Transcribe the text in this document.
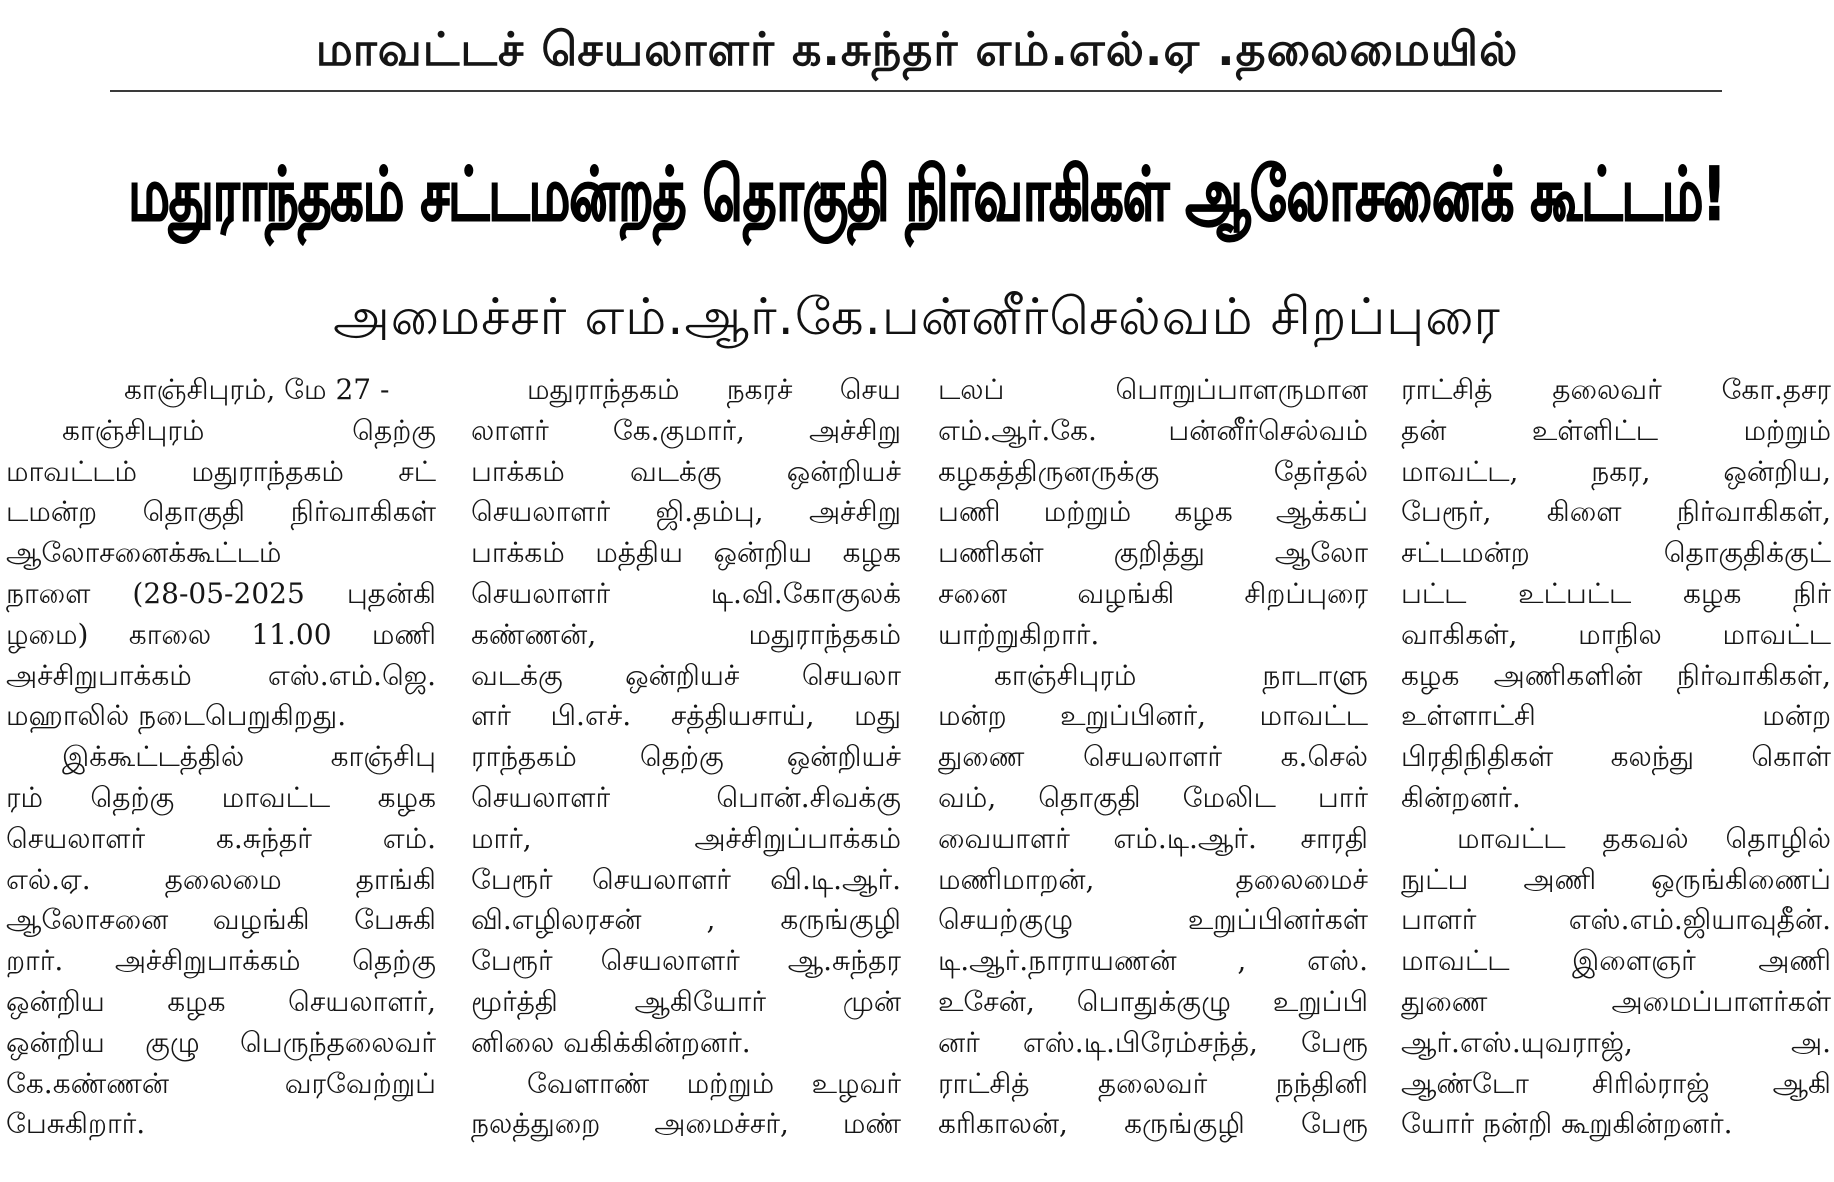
மாவட்டச் செயலாளர் க.சுந்தர் எம்.எல்.ஏ .தலைமையில்
மதுராந்தகம் சட்டமன்றத் தொகுதி நிர்வாகிகள் ஆலோசனைக் கூட்டம்!
அமைச்சர் எம்.ஆர்.கே.பன்னீர்செல்வம் சிறப்புரை
காஞ்சிபுரம், மே 27 -
காஞ்சிபுரம் தெற்கு
மாவட்டம் மதுராந்தகம் சட்
டமன்ற தொகுதி நிர்வாகிகள்
ஆலோசனைக்கூட்டம்
நாளை (28-05-2025 புதன்கி
ழமை) காலை 11.00 மணி
அச்சிறுபாக்கம் எஸ்.எம்.ஜெ.
மஹாலில் நடைபெறுகிறது.
இக்கூட்டத்தில் காஞ்சிபு
ரம் தெற்கு மாவட்ட கழக
செயலாளர் க.சுந்தர் எம்.
எல்.ஏ. தலைமை தாங்கி
ஆலோசனை வழங்கி பேசுகி
றார். அச்சிறுபாக்கம் தெற்கு
ஒன்றிய கழக செயலாளர்,
ஒன்றிய குழு பெருந்தலைவர்
கே.கண்ணன் வரவேற்றுப்
பேசுகிறார்.
மதுராந்தகம் நகரச் செய
லாளர் கே.குமார், அச்சிறு
பாக்கம் வடக்கு ஒன்றியச்
செயலாளர் ஜி.தம்பு, அச்சிறு
பாக்கம் மத்திய ஒன்றிய கழக
செயலாளர் டி.வி.கோகுலக்
கண்ணன், மதுராந்தகம்
வடக்கு ஒன்றியச் செயலா
ளர் பி.எச். சத்தியசாய், மது
ராந்தகம் தெற்கு ஒன்றியச்
செயலாளர் பொன்.சிவக்கு
மார், அச்சிறுப்பாக்கம்
பேரூர் செயலாளர் வி.டி.ஆர்.
வி.எழிலரசன் , கருங்குழி
பேரூர் செயலாளர் ஆ.சுந்தர
மூர்த்தி ஆகியோர் முன்
னிலை வகிக்கின்றனர்.
வேளாண் மற்றும் உழவர்
நலத்துறை அமைச்சர், மண்
டலப் பொறுப்பாளருமான
எம்.ஆர்.கே. பன்னீர்செல்வம்
கழகத்திருனருக்கு தேர்தல்
பணி மற்றும் கழக ஆக்கப்
பணிகள் குறித்து ஆலோ
சனை வழங்கி சிறப்புரை
யாற்றுகிறார்.
காஞ்சிபுரம் நாடாளு
மன்ற உறுப்பினர், மாவட்ட
துணை செயலாளர் க.செல்
வம், தொகுதி மேலிட பார்
வையாளர் எம்.டி.ஆர். சாரதி
மணிமாறன், தலைமைச்
செயற்குழு உறுப்பினர்கள்
டி.ஆர்.நாராயணன் , எஸ்.
உசேன், பொதுக்குழு உறுப்பி
னர் எஸ்.டி.பிரேம்சந்த், பேரூ
ராட்சித் தலைவர் நந்தினி
கரிகாலன், கருங்குழி பேரூ
ராட்சித் தலைவர் கோ.தசர
தன் உள்ளிட்ட மற்றும்
மாவட்ட, நகர, ஒன்றிய,
பேரூர், கிளை நிர்வாகிகள்,
சட்டமன்ற தொகுதிக்குட்
பட்ட உட்பட்ட கழக நிர்
வாகிகள், மாநில மாவட்ட
கழக அணிகளின் நிர்வாகிகள்,
உள்ளாட்சி மன்ற
பிரதிநிதிகள் கலந்து கொள்
கின்றனர்.
மாவட்ட தகவல் தொழில்
நுட்ப அணி ஒருங்கிணைப்
பாளர் எஸ்.எம்.ஜியாவுதீன்.
மாவட்ட இளைஞர் அணி
துணை அமைப்பாளர்கள்
ஆர்.எஸ்.யுவராஜ், அ.
ஆண்டோ சிரில்ராஜ் ஆகி
யோர் நன்றி கூறுகின்றனர்.
